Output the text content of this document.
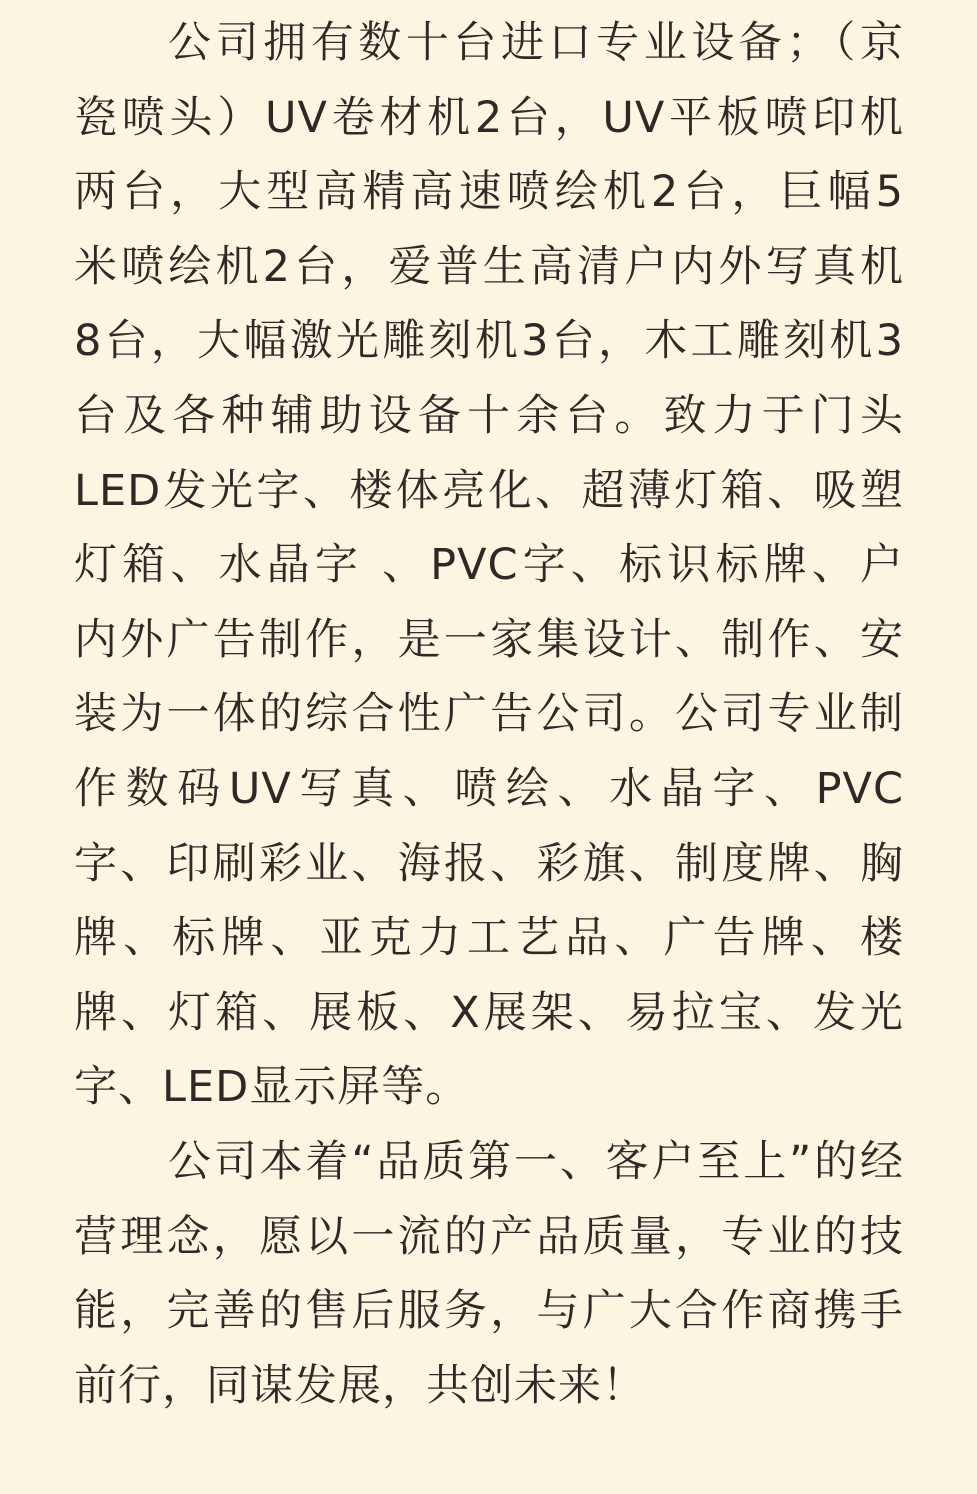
公司拥有数十台进口专业设备；（京
瓷喷头）UV卷材机2台，UV平板喷印机
两台，大型高精高速喷绘机2台，巨幅5
米喷绘机2台，爱普生高清户内外写真机
8台，大幅激光雕刻机3台，木工雕刻机3
台及各种辅助设备十余台。致力于门头
LED发光字、楼体亮化、超薄灯箱、吸塑
灯箱、水晶字 、PVC字、标识标牌、户
内外广告制作，是一家集设计、制作、安
装为一体的综合性广告公司。公司专业制
作数码UV写真、喷绘、水晶字、PVC
字、印刷彩业、海报、彩旗、制度牌、胸
牌、标牌、亚克力工艺品、广告牌、楼
牌、灯箱、展板、X展架、易拉宝、发光
字、LED显示屏等。
公司本着“品质第一、客户至上”的经
营理念，愿以一流的产品质量，专业的技
能，完善的售后服务，与广大合作商携手
前行，同谋发展，共创未来！
